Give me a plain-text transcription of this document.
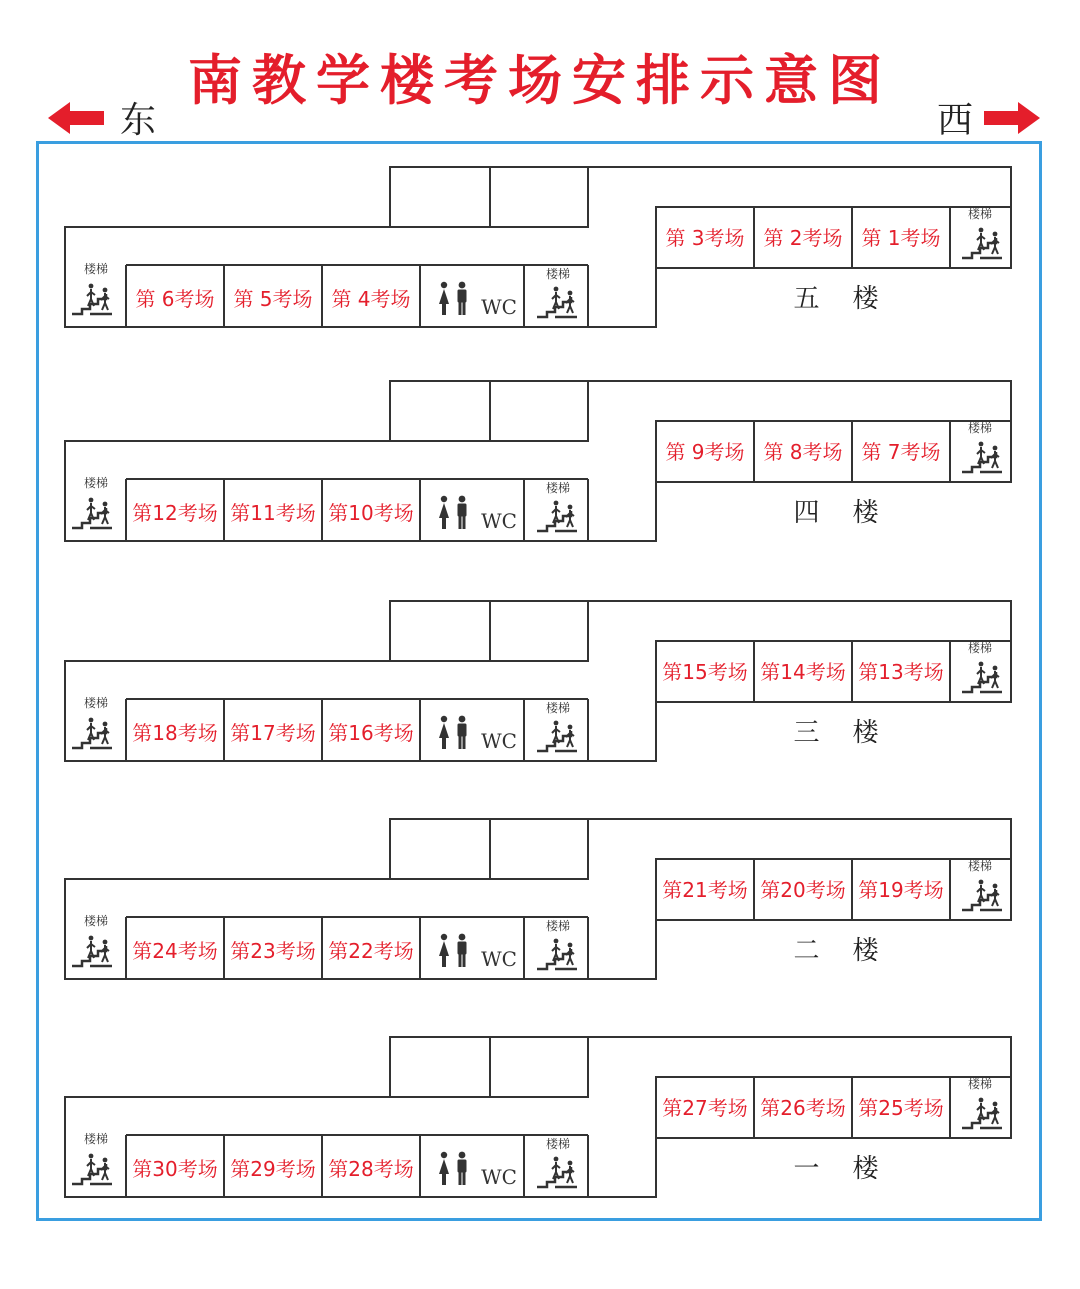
南教学楼考场安排示意图
东	西
第 3考场 第 2考场 第 1考场
第 6考场 第 5考场 第 4考场
楼梯
楼梯
楼梯
WC	五    楼
第 9考场 第 8考场 第 7考场
第12考场 第11考场 第10考场
楼梯
楼梯
楼梯
WC	四    楼
第15考场 第14考场 第13考场
第18考场 第17考场 第16考场
楼梯
楼梯
楼梯
WC	三    楼
第21考场 第20考场 第19考场
第24考场 第23考场 第22考场
楼梯
楼梯
楼梯
WC	二    楼
第27考场 第26考场 第25考场
第30考场 第29考场 第28考场
楼梯
楼梯
楼梯
WC	一    楼
